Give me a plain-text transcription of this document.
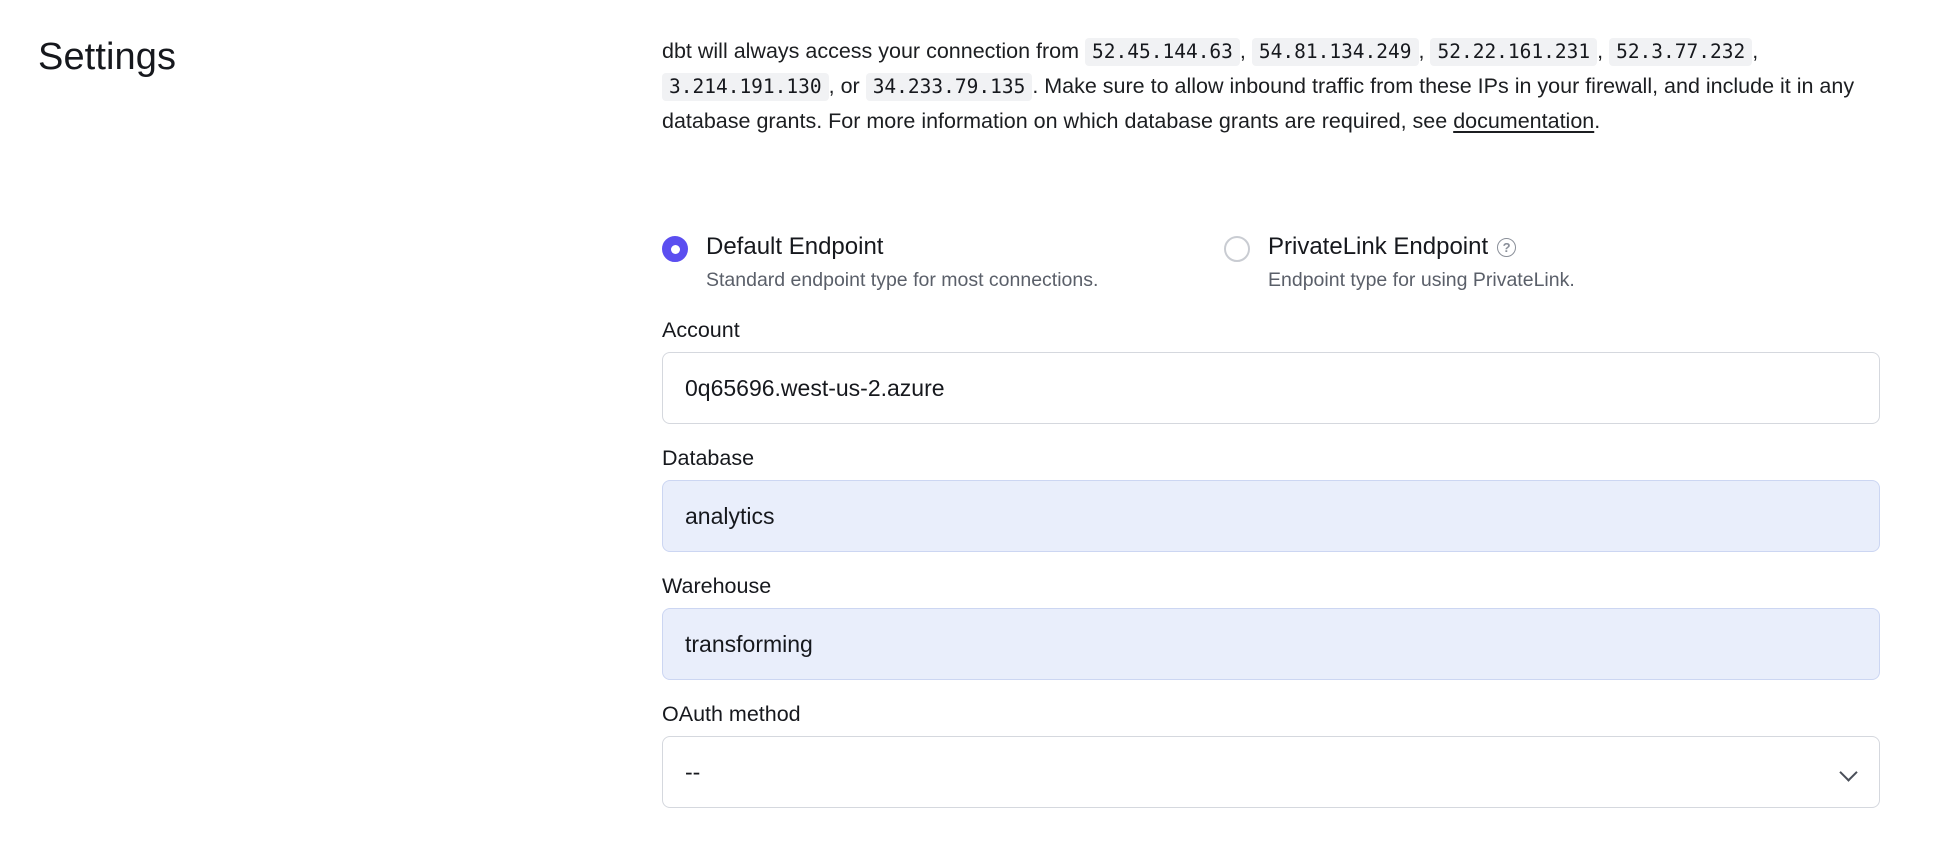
Settings	dbt will always access your connection from 52.45.144.63 , 54.81.134.249 , 52.22.161.231 , 52.3.77.232 , 3.214.191.130 , or 34.233.79.135 . Make sure to allow inbound traffic from these IPs in your firewall, and include it in any database grants. For more information on which database grants are required, see documentation.
Default Endpoint
Standard endpoint type for most connections.
PrivateLink Endpoint	?
Endpoint type for using PrivateLink.
Account
0q65696.west-us-2.azure
Database
analytics
Warehouse
transforming
OAuth method
--
